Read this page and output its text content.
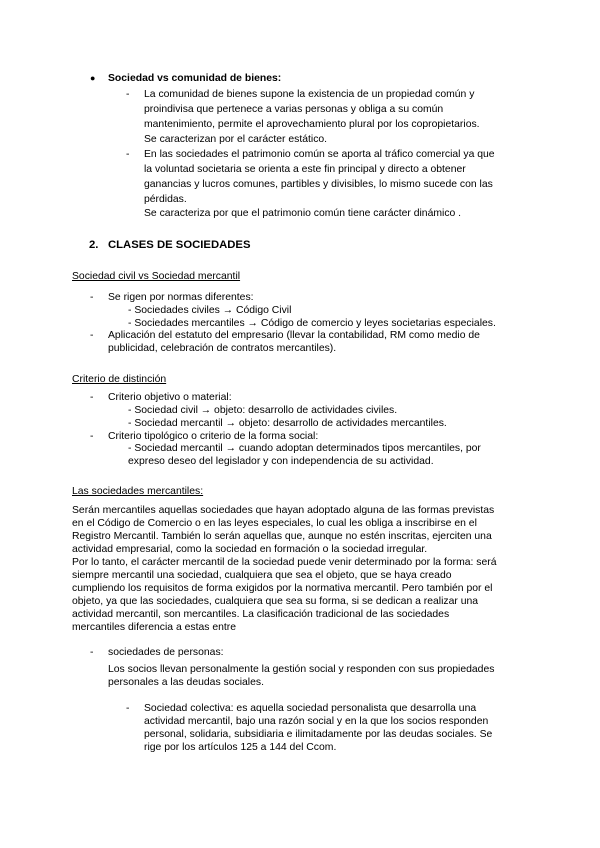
● Sociedad vs comunidad de bienes:
- La comunidad de bienes supone la existencia de un propiedad común y
proindivisa que pertenece a varias personas y obliga a su común
mantenimiento, permite el aprovechamiento plural por los copropietarios.
Se caracterizan por el carácter estático.
- En las sociedades el patrimonio común se aporta al tráfico comercial ya que
la voluntad societaria se orienta a este fin principal y directo a obtener
ganancias y lucros comunes, partibles y divisibles, lo mismo sucede con las
pérdidas.
Se caracteriza por que el patrimonio común tiene carácter dinámico .
2. CLASES DE SOCIEDADES
Sociedad civil vs Sociedad mercantil
- Se rigen por normas diferentes:
- Sociedades civiles → Código Civil
- Sociedades mercantiles → Código de comercio y leyes societarias especiales.
- Aplicación del estatuto del empresario (llevar la contabilidad, RM como medio de
publicidad, celebración de contratos mercantiles).
Criterio de distinción
- Criterio objetivo o material:
- Sociedad civil → objeto: desarrollo de actividades civiles.
- Sociedad mercantil → objeto: desarrollo de actividades mercantiles.
- Criterio tipológico o criterio de la forma social:
- Sociedad mercantil → cuando adoptan determinados tipos mercantiles, por
expreso deseo del legislador y con independencia de su actividad.
Las sociedades mercantiles:
Serán mercantiles aquellas sociedades que hayan adoptado alguna de las formas previstas
en el Código de Comercio o en las leyes especiales, lo cual les obliga a inscribirse en el
Registro Mercantil. También lo serán aquellas que, aunque no estén inscritas, ejerciten una
actividad empresarial, como la sociedad en formación o la sociedad irregular.
Por lo tanto, el carácter mercantil de la sociedad puede venir determinado por la forma: será
siempre mercantil una sociedad, cualquiera que sea el objeto, que se haya creado
cumpliendo los requisitos de forma exigidos por la normativa mercantil. Pero también por el
objeto, ya que las sociedades, cualquiera que sea su forma, si se dedican a realizar una
actividad mercantil, son mercantiles. La clasificación tradicional de las sociedades
mercantiles diferencia a estas entre
- sociedades de personas:
Los socios llevan personalmente la gestión social y responden con sus propiedades
personales a las deudas sociales.
- Sociedad colectiva: es aquella sociedad personalista que desarrolla una
actividad mercantil, bajo una razón social y en la que los socios responden
personal, solidaria, subsidiaria e ilimitadamente por las deudas sociales. Se
rige por los artículos 125 a 144 del Ccom.
